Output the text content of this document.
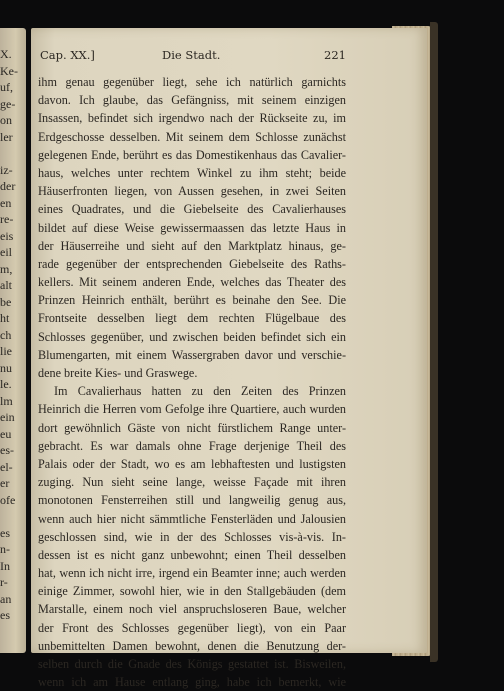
X.
Ke-
uf,
ge-
on
ler
iz-
der
en
re-
eis
eil
m,
alt
be
ht
ch
lie
nu
le.
lm
ein
eu
es-
el-
er
ofe
es
n-
In
r-
an
es
Cap. XX.]	Die Stadt.	221
ihm genau gegenüber liegt, sehe ich natürlich garnichts
davon. Ich glaube, das Gefängniss, mit seinem einzigen
Insassen, befindet sich irgendwo nach der Rückseite zu, im
Erdgeschosse desselben. Mit seinem dem Schlosse zunächst
gelegenen Ende, berührt es das Domestikenhaus das Cavalier-
haus, welches unter rechtem Winkel zu ihm steht; beide
Häuserfronten liegen, von Aussen gesehen, in zwei Seiten
eines Quadrates, und die Giebelseite des Cavalierhauses
bildet auf diese Weise gewissermaassen das letzte Haus in
der Häuserreihe und sieht auf den Marktplatz hinaus, ge-
rade gegenüber der entsprechenden Giebelseite des Raths-
kellers. Mit seinem anderen Ende, welches das Theater des
Prinzen Heinrich enthält, berührt es beinahe den See. Die
Frontseite desselben liegt dem rechten Flügelbaue des
Schlosses gegenüber, und zwischen beiden befindet sich ein
Blumengarten, mit einem Wassergraben davor und verschie-
dene breite Kies- und Graswege.
Im Cavalierhaus hatten zu den Zeiten des Prinzen
Heinrich die Herren vom Gefolge ihre Quartiere, auch wurden
dort gewöhnlich Gäste von nicht fürstlichem Range unter-
gebracht. Es war damals ohne Frage derjenige Theil des
Palais oder der Stadt, wo es am lebhaftesten und lustigsten
zuging. Nun sieht seine lange, weisse Façade mit ihren
monotonen Fensterreihen still und langweilig genug aus,
wenn auch hier nicht sämmtliche Fensterläden und Jalousien
geschlossen sind, wie in der des Schlosses vis-à-vis. In-
dessen ist es nicht ganz unbewohnt; einen Theil desselben
hat, wenn ich nicht irre, irgend ein Beamter inne; auch werden
einige Zimmer, sowohl hier, wie in den Stallgebäuden (dem
Marstalle, einem noch viel anspruchsloseren Baue, welcher
der Front des Schlosses gegenüber liegt), von ein Paar
unbemittelten Damen bewohnt, denen die Benutzung der-
selben durch die Gnade des Königs gestattet ist. Bisweilen,
wenn ich am Hause entlang ging, habe ich bemerkt, wie
